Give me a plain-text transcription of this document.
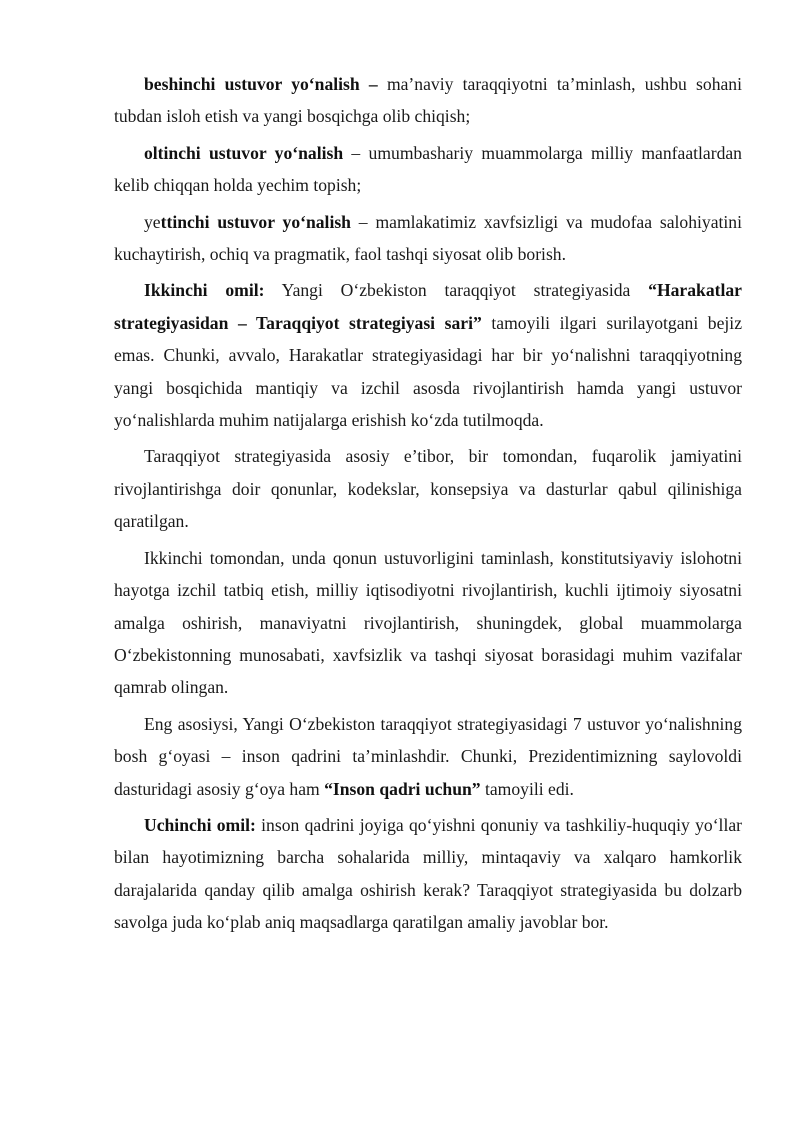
beshinchi ustuvor yo‘nalish – ma’naviy taraqqiyotni ta’minlash, ushbu sohani tubdan isloh etish va yangi bosqichga olib chiqish;

oltinchi ustuvor yo‘nalish – umumbashariy muammolarga milliy manfaatlardan kelib chiqqan holda yechim topish;

yettinchi ustuvor yo‘nalish – mamlakatimiz xavfsizligi va mudofaa salohiyatini kuchaytirish, ochiq va pragmatik, faol tashqi siyosat olib borish.

Ikkinchi omil: Yangi O‘zbekiston taraqqiyot strategiyasida “Harakatlar strategiyasidan – Taraqqiyot strategiyasi sari” tamoyili ilgari surilayotgani bejiz emas. Chunki, avvalo, Harakatlar strategiyasidagi har bir yo‘nalishni taraqqiyotning yangi bosqichida mantiqiy va izchil asosda rivojlantirish hamda yangi ustuvor yo‘nalishlarda muhim natijalarga erishish ko‘zda tutilmoqda.

Taraqqiyot strategiyasida asosiy e’tibor, bir tomondan, fuqarolik jamiyatini rivojlantirishga doir qonunlar, kodekslar, konsepsiya va dasturlar qabul qilinishiga qaratilgan.

Ikkinchi tomondan, unda qonun ustuvorligini taminlash, konstitutsiyaviy islohotni hayotga izchil tatbiq etish, milliy iqtisodiyotni rivojlantirish, kuchli ijtimoiy siyosatni amalga oshirish, manaviyatni rivojlantirish, shuningdek, global muammolarga O‘zbekistonning munosabati, xavfsizlik va tashqi siyosat borasidagi muhim vazifalar qamrab olingan.

Eng asosiysi, Yangi O‘zbekiston taraqqiyot strategiyasidagi 7 ustuvor yo‘nalishning bosh g‘oyasi – inson qadrini ta’minlashdir. Chunki, Prezidentimizning saylovoldi dasturidagi asosiy g‘oya ham “Inson qadri uchun” tamoyili edi.

Uchinchi omil: inson qadrini joyiga qo‘yishni qonuniy va tashkiliy-huquqiy yo‘llar bilan hayotimizning barcha sohalarida milliy, mintaqaviy va xalqaro hamkorlik darajalarida qanday qilib amalga oshirish kerak? Taraqqiyot strategiyasida bu dolzarb savolga juda ko‘plab aniq maqsadlarga qaratilgan amaliy javoblar bor.
